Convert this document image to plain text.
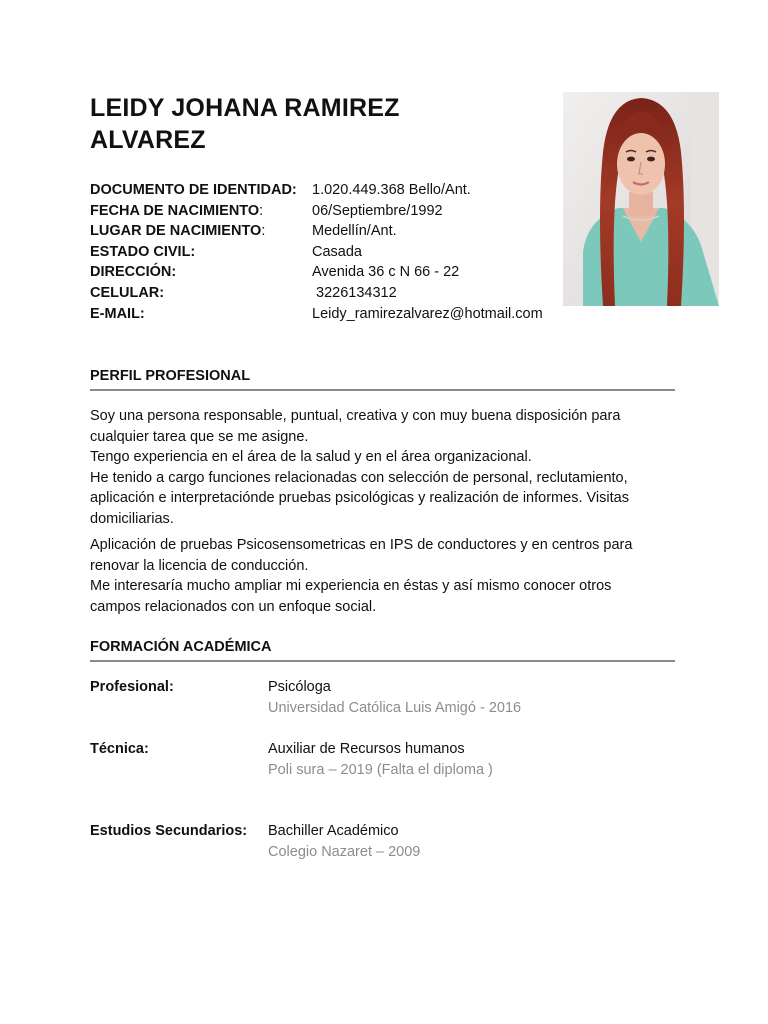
LEIDY JOHANA RAMIREZ
ALVAREZ
DOCUMENTO DE IDENTIDAD:	1.020.449.368 Bello/Ant.
FECHA DE NACIMIENTO:	06/Septiembre/1992
LUGAR DE NACIMIENTO:	Medellín/Ant.
ESTADO CIVIL:	Casada
DIRECCIÓN:	Avenida 36 c N 66 - 22
CELULAR:	3226134312
E-MAIL:	Leidy_ramirezalvarez@hotmail.com
PERFIL PROFESIONAL

Soy una persona responsable, puntual, creativa y con muy buena disposición para

cualquier tarea que se me asigne.

Tengo experiencia en el área de la salud y en el área organizacional.

He tenido a cargo funciones relacionadas con selección de personal, reclutamiento,

aplicación e interpretaciónde pruebas psicológicas y realización de informes. Visitas

domiciliarias.

Aplicación de pruebas Psicosensometricas en IPS de conductores y en centros para

renovar la licencia de conducción.

Me interesaría mucho ampliar mi experiencia en éstas y así mismo conocer otros

campos relacionados con un enfoque social.

FORMACIÓN ACADÉMICA
Profesional:	Psicóloga
Universidad Católica Luis Amigó - 2016
Técnica:	Auxiliar de Recursos humanos
Poli sura – 2019 (Falta el diploma )
Estudios Secundarios: Bachiller Académico
Colegio Nazaret – 2009
